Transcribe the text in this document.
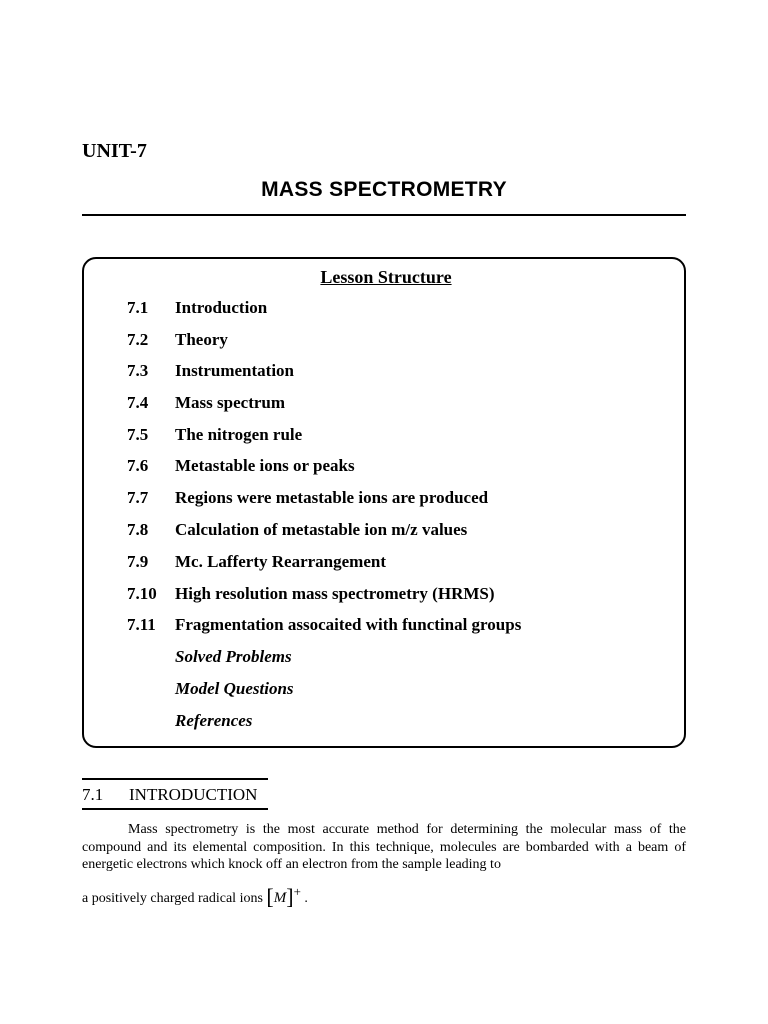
UNIT-7
MASS SPECTROMETRY
Lesson Structure
7.1 Introduction
7.2 Theory
7.3 Instrumentation
7.4 Mass spectrum
7.5 The nitrogen rule
7.6 Metastable ions or peaks
7.7 Regions were metastable ions are produced
7.8 Calculation of metastable ion m/z values
7.9 Mc. Lafferty Rearrangement
7.10 High resolution mass spectrometry (HRMS)
7.11 Fragmentation assocaited with functinal groups
Solved Problems
Model Questions
References
7.1 INTRODUCTION
Mass spectrometry is the most accurate method for determining the molecular mass of the compound and its elemental composition. In this technique, molecules are bombarded with a beam of energetic electrons which knock off an electron from the sample leading to
a positively charged radical ions [M]+ .
